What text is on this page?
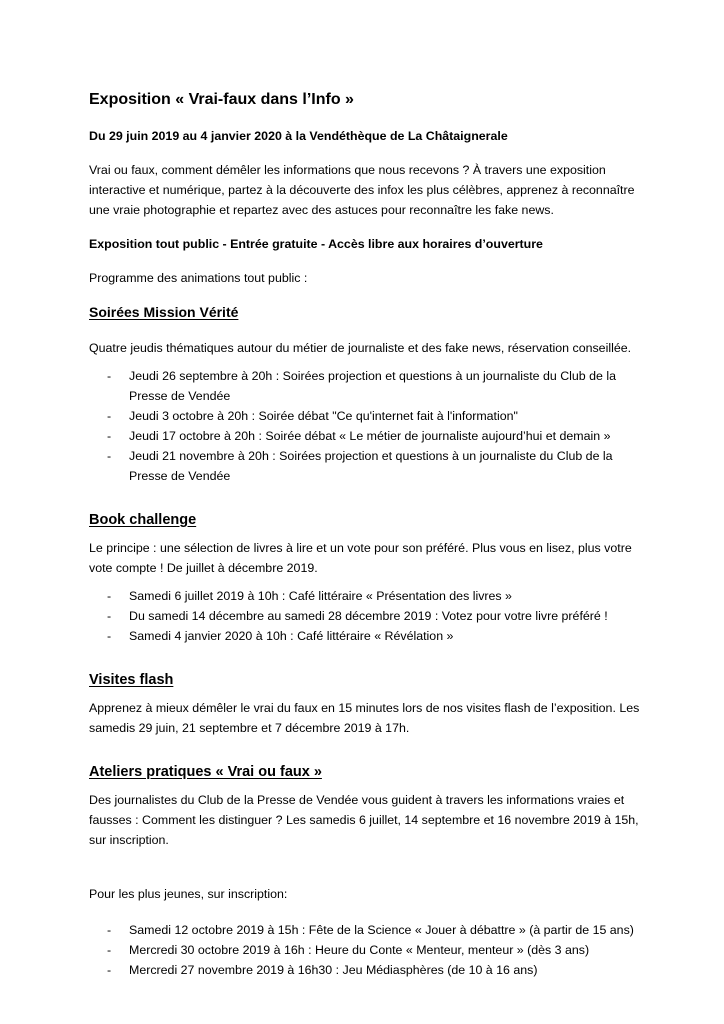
Exposition « Vrai-faux dans l’Info »

Du 29 juin 2019 au 4 janvier 2020 à la Vendéthèque de La Châtaignerale

Vrai ou faux, comment démêler les informations que nous recevons ? À travers une exposition interactive et numérique, partez à la découverte des infox les plus célèbres, apprenez à reconnaître une vraie photographie et repartez avec des astuces pour reconnaître les fake news.

Exposition tout public - Entrée gratuite - Accès libre aux horaires d’ouverture

Programme des animations tout public :

Soirées Mission Vérité

Quatre jeudis thématiques autour du métier de journaliste et des fake news, réservation conseillée.

- Jeudi 26 septembre à 20h : Soirées projection et questions à un journaliste du Club de la Presse de Vendée
- Jeudi 3 octobre à 20h : Soirée débat "Ce qu'internet fait à l'information"
- Jeudi 17 octobre à 20h : Soirée débat « Le métier de journaliste aujourd’hui et demain »
- Jeudi 21 novembre à 20h : Soirées projection et questions à un journaliste du Club de la Presse de Vendée
Book challenge

Le principe : une sélection de livres à lire et un vote pour son préféré. Plus vous en lisez, plus votre vote compte ! De juillet à décembre 2019.

- Samedi 6 juillet 2019 à 10h : Café littéraire « Présentation des livres »
- Du samedi 14 décembre au samedi 28 décembre 2019 : Votez pour votre livre préféré !
- Samedi 4 janvier 2020 à 10h : Café littéraire « Révélation »
Visites flash

Apprenez à mieux démêler le vrai du faux en 15 minutes lors de nos visites flash de l’exposition. Les samedis 29 juin, 21 septembre et 7 décembre 2019 à 17h.

Ateliers pratiques « Vrai ou faux »

Des journalistes du Club de la Presse de Vendée vous guident à travers les informations vraies et fausses : Comment les distinguer ? Les samedis 6 juillet, 14 septembre et 16 novembre 2019 à 15h, sur inscription.

Pour les plus jeunes, sur inscription:

- Samedi 12 octobre 2019 à 15h : Fête de la Science « Jouer à débattre » (à partir de 15 ans)
- Mercredi 30 octobre 2019 à 16h : Heure du Conte « Menteur, menteur » (dès 3 ans)
- Mercredi 27 novembre 2019 à 16h30 : Jeu Médiasphères (de 10 à 16 ans)
